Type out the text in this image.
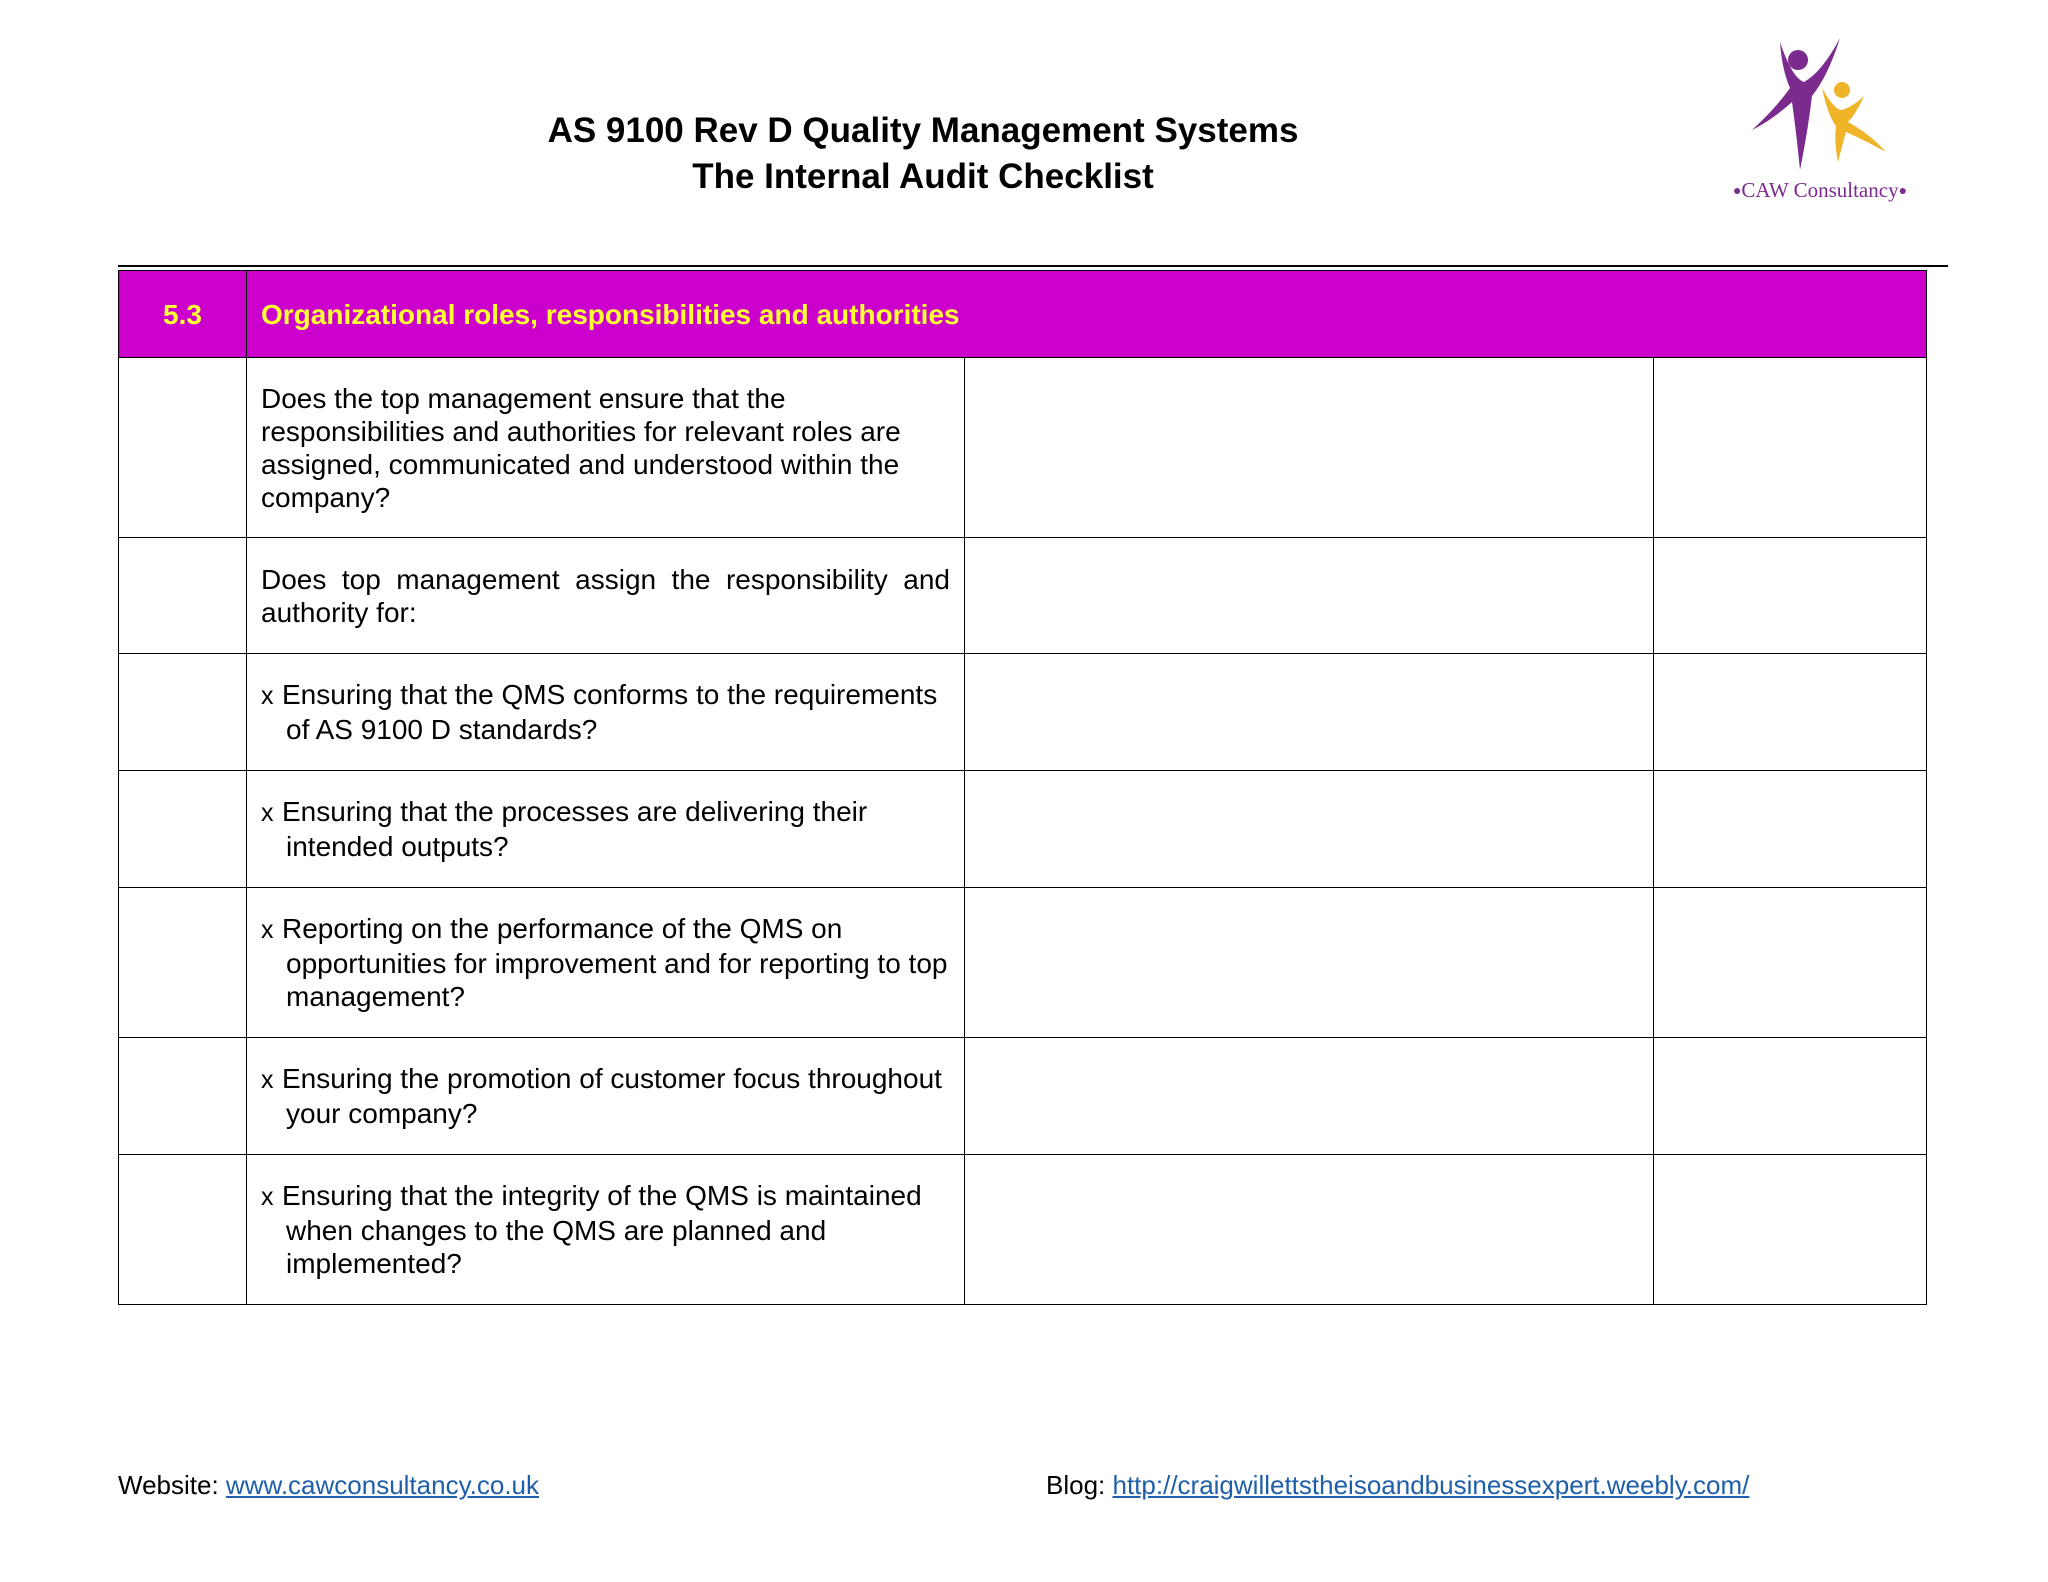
AS 9100 Rev D Quality Management Systems
The Internal Audit Checklist	●CAW Consultancy●
5.3	Organizational roles, responsibilities and authorities		

	Does the top management ensure that the responsibilities and authorities for relevant roles are assigned, communicated and understood within the company?		

	Does top management assign the responsibility and authority for:		

	x Ensuring that the QMS conforms to the requirements of AS 9100 D standards?		

	x Ensuring that the processes are delivering their intended outputs?		

	x Reporting on the performance of the QMS on opportunities for improvement and for reporting to top management?		

	x Ensuring the promotion of customer focus throughout your company?		

	x Ensuring that the integrity of the QMS is maintained when changes to the QMS are planned and implemented?		

Website: www.cawconsultancy.co.uk	Blog: http://craigwillettstheisoandbusinessexpert.weebly.com/
